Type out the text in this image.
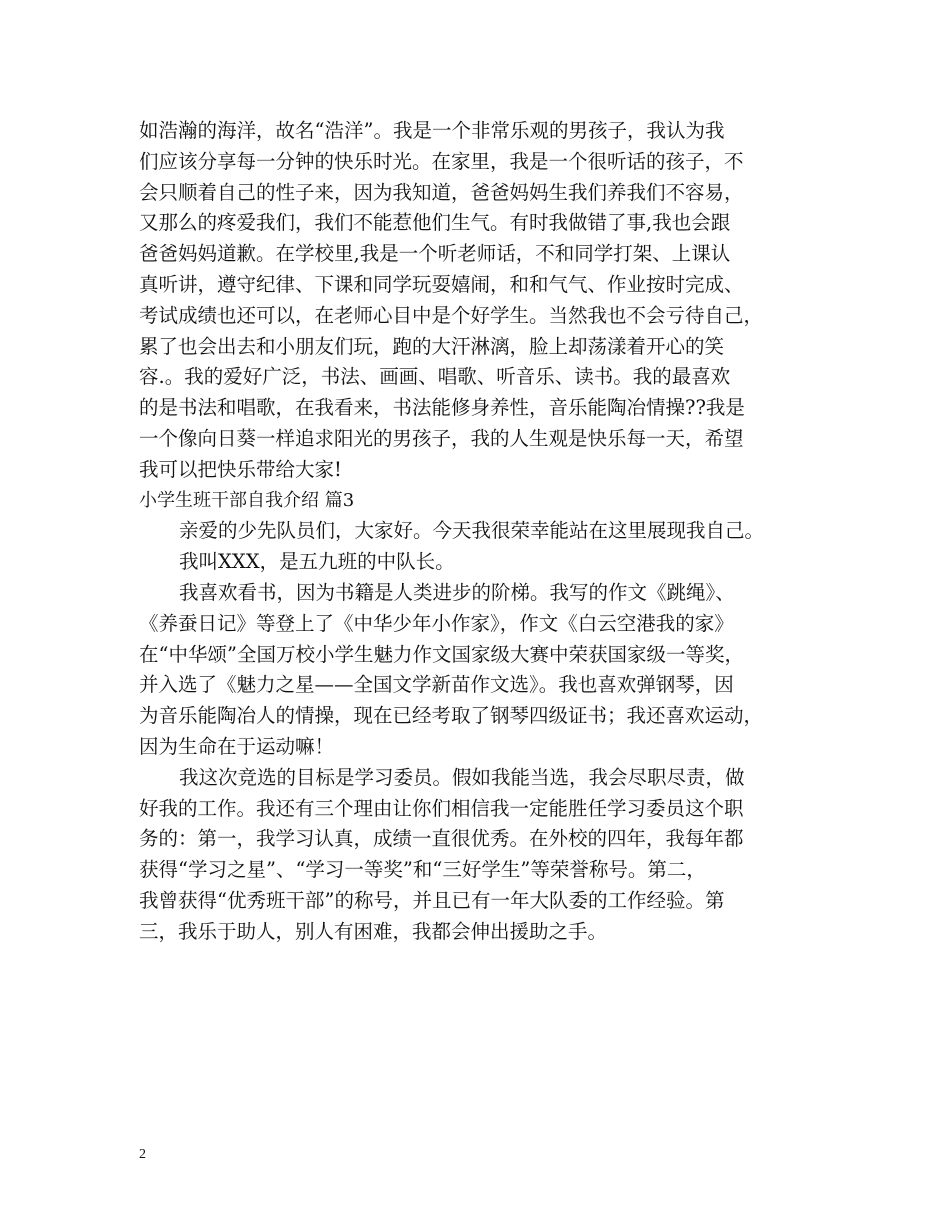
如浩瀚的海洋，故名“浩洋”。我是一个非常乐观的男孩子，我认为我
们应该分享每一分钟的快乐时光。在家里，我是一个很听话的孩子，不
会只顺着自己的性子来，因为我知道，爸爸妈妈生我们养我们不容易，
又那么的疼爱我们，我们不能惹他们生气。有时我做错了事,我也会跟
爸爸妈妈道歉。在学校里,我是一个听老师话，不和同学打架、上课认
真听讲，遵守纪律、下课和同学玩耍嬉闹，和和气气、作业按时完成、
考试成绩也还可以，在老师心目中是个好学生。当然我也不会亏待自己，
累了也会出去和小朋友们玩，跑的大汗淋漓，脸上却荡漾着开心的笑
容.。我的爱好广泛，书法、画画、唱歌、听音乐、读书。我的最喜欢
的是书法和唱歌，在我看来，书法能修身养性，音乐能陶冶情操??我是
一个像向日葵一样追求阳光的男孩子，我的人生观是快乐每一天，希望
我可以把快乐带给大家!
小学生班干部自我介绍 篇3
亲爱的少先队员们，大家好。今天我很荣幸能站在这里展现我自己。
我叫XXX，是五九班的中队长。
我喜欢看书，因为书籍是人类进步的阶梯。我写的作文《跳绳》、
《养蚕日记》等登上了《中华少年小作家》，作文《白云空港我的家》
在“中华颂”全国万校小学生魅力作文国家级大赛中荣获国家级一等奖，
并入选了《魅力之星——全国文学新苗作文选》。我也喜欢弹钢琴，因
为音乐能陶冶人的情操，现在已经考取了钢琴四级证书；我还喜欢运动，
因为生命在于运动嘛！
我这次竞选的目标是学习委员。假如我能当选，我会尽职尽责，做
好我的工作。我还有三个理由让你们相信我一定能胜任学习委员这个职
务的：第一，我学习认真，成绩一直很优秀。在外校的四年，我每年都
获得“学习之星”、“学习一等奖”和“三好学生”等荣誉称号。第二，
我曾获得“优秀班干部”的称号，并且已有一年大队委的工作经验。第
三，我乐于助人，别人有困难，我都会伸出援助之手。
2
